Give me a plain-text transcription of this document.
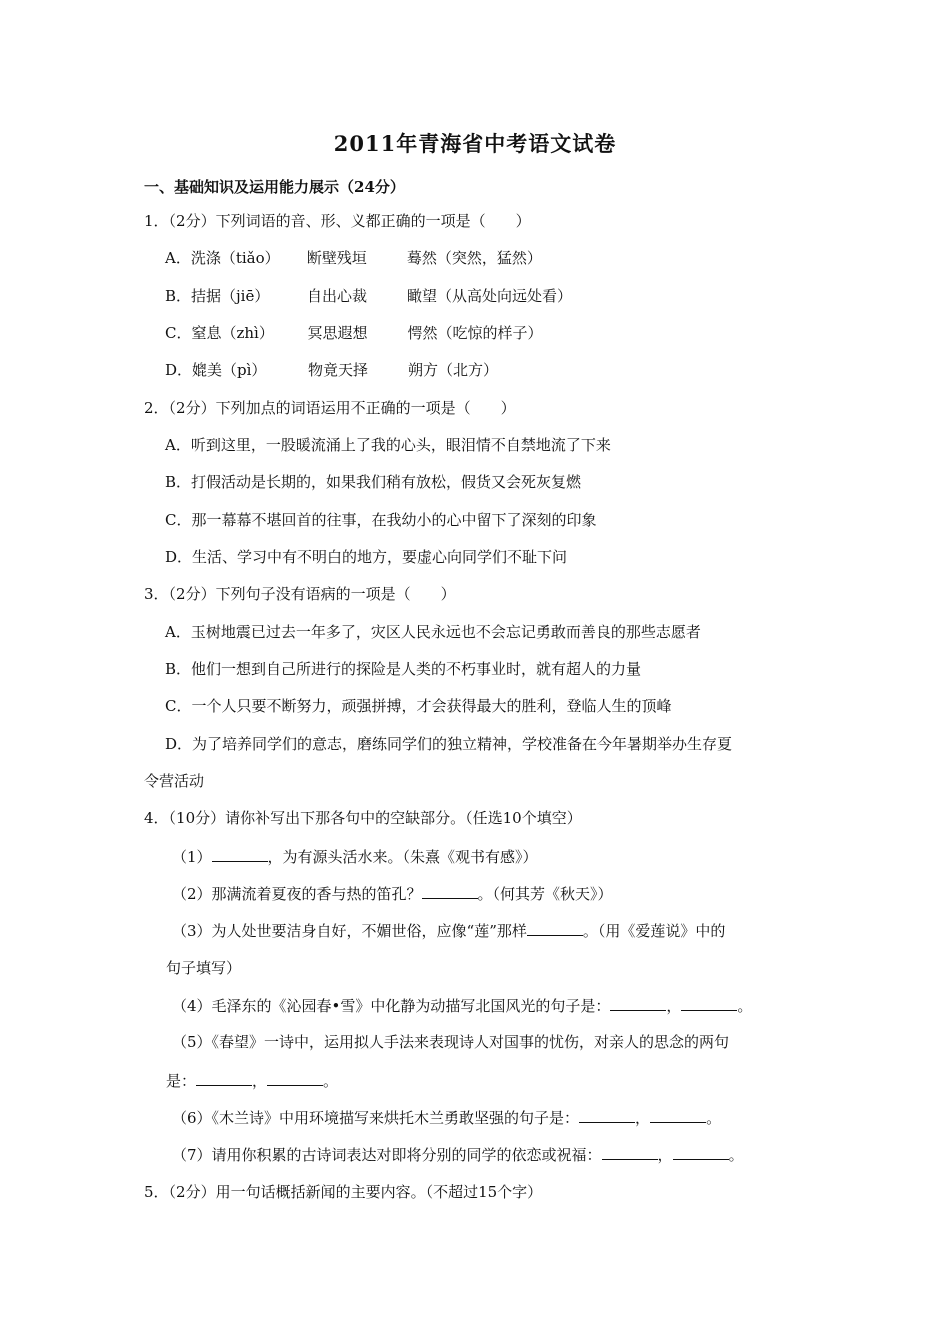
2011年青海省中考语文试卷
一、基础知识及运用能力展示（24分）
1．（2分）下列词语的音、形、义都正确的一项是（　　）
A．洗涤（tiǎo） 断壁残垣	蓦然（突然，猛然）
B．拮据（jiē）	自出心裁	瞰望（从高处向远处看）
C．窒息（zhì） 冥思遐想	愕然（吃惊的样子）
D．媲美（pì）	物竟天择	朔方（北方）
2．（2分）下列加点的词语运用不正确的一项是（　　）
A．听到这里，一股暖流涌上了我的心头，眼泪情不自禁地流了下来
B．打假活动是长期的，如果我们稍有放松，假货又会死灰复燃
C．那一幕幕不堪回首的往事，在我幼小的心中留下了深刻的印象
D．生活、学习中有不明白的地方，要虚心向同学们不耻下问
3．（2分）下列句子没有语病的一项是（　　）
A．玉树地震已过去一年多了，灾区人民永远也不会忘记勇敢而善良的那些志愿者
B．他们一想到自己所进行的探险是人类的不朽事业时，就有超人的力量
C．一个人只要不断努力，顽强拼搏，才会获得最大的胜利，登临人生的顶峰
D．为了培养同学们的意志，磨练同学们的独立精神，学校准备在今年暑期举办生存夏
令营活动
4．（10分）请你补写出下那各句中的空缺部分。（任选10个填空）
（1）	，为有源头活水来。（朱熹《观书有感》）
（2）那满流着夏夜的香与热的笛孔？	。（何其芳《秋天》）
（3）为人处世要洁身自好，不媚世俗，应像“莲”那样	。（用《爱莲说》中的
句子填写）
（4）毛泽东的《沁园春•雪》中化静为动描写北国风光的句子是：	，	。
（5）《春望》一诗中，运用拟人手法来表现诗人对国事的忧伤，对亲人的思念的两句
是：	，	。
（6）《木兰诗》中用环境描写来烘托木兰勇敢坚强的句子是：	，	。
（7）请用你积累的古诗词表达对即将分别的同学的依恋或祝福：	，	。
5．（2分）用一句话概括新闻的主要内容。（不超过15个字）
